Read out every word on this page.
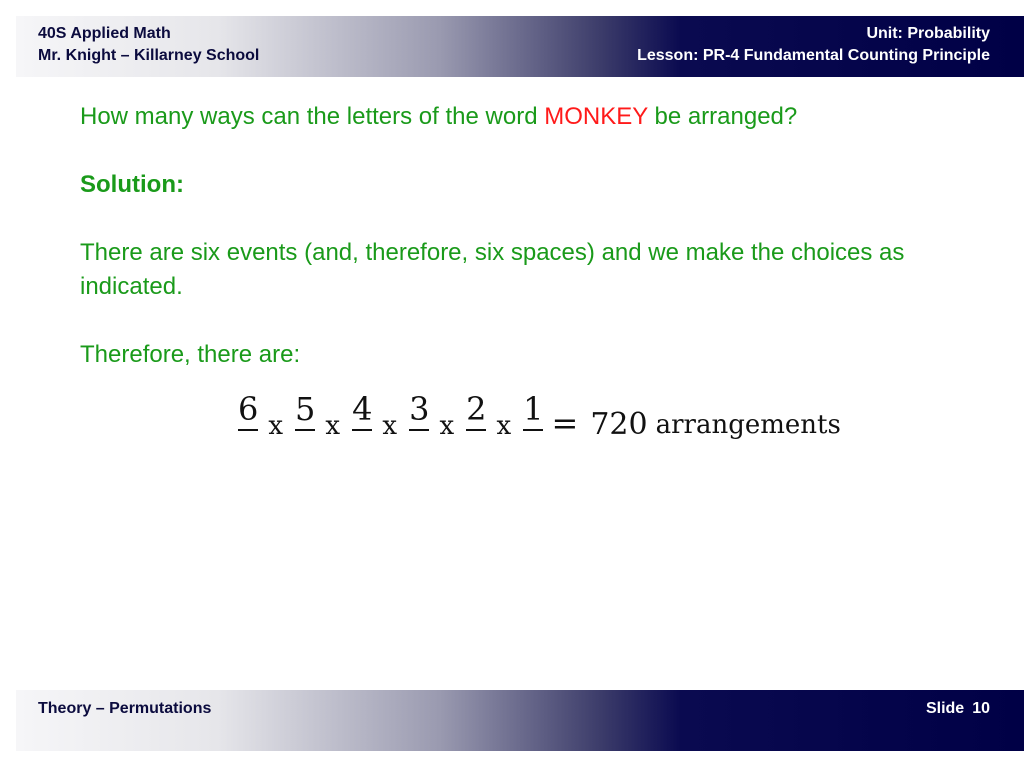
40S Applied Math
Mr. Knight – Killarney School
Unit: Probability
Lesson: PR-4 Fundamental Counting Principle

How many ways can the letters of the word MONKEY be arranged?

Solution:

There are six events (and, therefore, six spaces) and we make the choices as indicated.

Therefore, there are:

6 x 5 x 4 x 3 x 2 x 1 = 720 arrangements
Theory – Permutations	Slide 10
